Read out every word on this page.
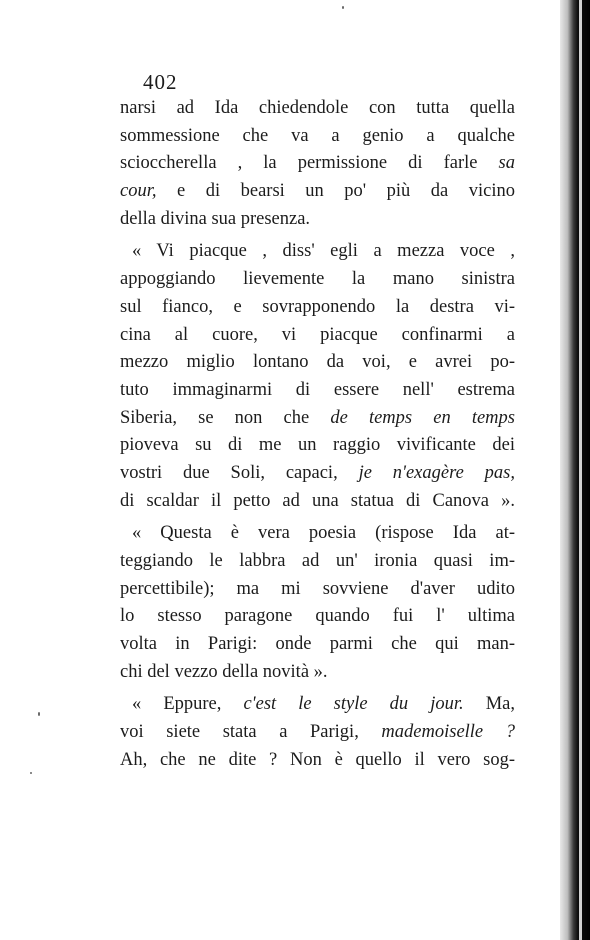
402
narsi ad Ida chiedendole con tutta quella
sommessione che va a genio a qualche
scioccherella , la permissione di farle sa
cour, e di bearsi un po' più da vicino
della divina sua presenza.
« Vi piacque , diss' egli a mezza voce ,
appoggiando lievemente la mano sinistra
sul fianco, e sovrapponendo la destra vi-
cina al cuore, vi piacque confinarmi a
mezzo miglio lontano da voi, e avrei po-
tuto immaginarmi di essere nell' estrema
Siberia, se non che de temps en temps
pioveva su di me un raggio vivificante dei
vostri due Soli, capaci, je n'exagère pas,
di scaldar il petto ad una statua di Canova ».
« Questa è vera poesia (rispose Ida at-
teggiando le labbra ad un' ironia quasi im-
percettibile); ma mi sovviene d'aver udito
lo stesso paragone quando fui l' ultima
volta in Parigi: onde parmi che qui man-
chi del vezzo della novità ».
« Eppure, c'est le style du jour. Ma,
voi siete stata a Parigi, mademoiselle ?
Ah, che ne dite ? Non è quello il vero sog-
